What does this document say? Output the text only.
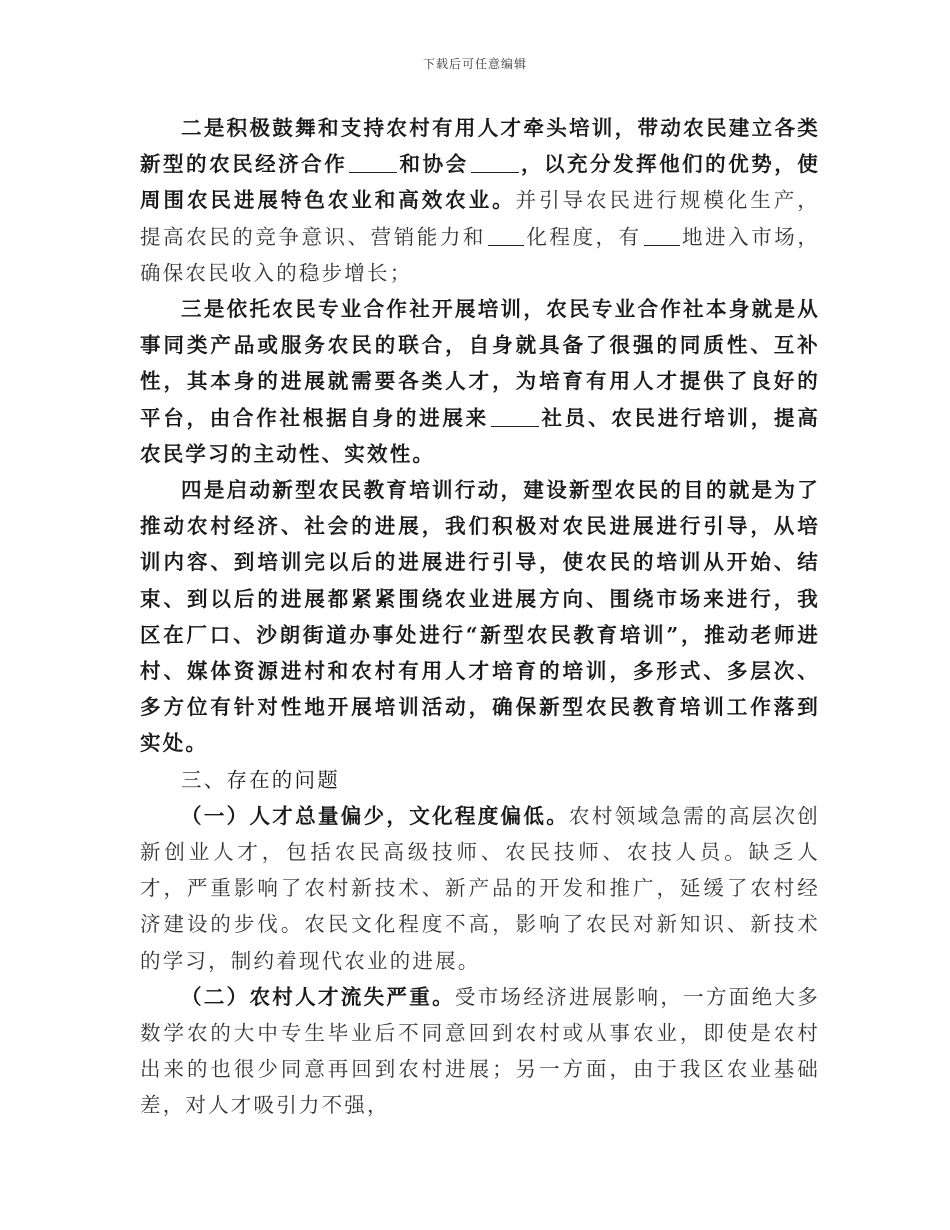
下载后可任意编辑

二是积极鼓舞和支持农村有用人才牵头培训，带动农民建立各类新型的农民经济合作	和协会	，以充分发挥他们的优势，使周围农民进展特色农业和高效农业。并引导农民进行规模化生产，提高农民的竞争意识、营销能力和 化程度，有 地进入市场，确保农民收入的稳步增长；

三是依托农民专业合作社开展培训，农民专业合作社本身就是从事同类产品或服务农民的联合，自身就具备了很强的同质性、互补性，其本身的进展就需要各类人才，为培育有用人才提供了良好的平台，由合作社根据自身的进展来	社员、农民进行培训，提高农民学习的主动性、实效性。

四是启动新型农民教育培训行动，建设新型农民的目的就是为了推动农村经济、社会的进展，我们积极对农民进展进行引导，从培训内容、到培训完以后的进展进行引导，使农民的培训从开始、结束、到以后的进展都紧紧围绕农业进展方向、围绕市场来进行，我区在厂口、沙朗街道办事处进行“新型农民教育培训”，推动老师进村、媒体资源进村和农村有用人才培育的培训，多形式、多层次、多方位有针对性地开展培训活动，确保新型农民教育培训工作落到实处。

三、存在的问题

（一）人才总量偏少，文化程度偏低。农村领域急需的高层次创新创业人才，包括农民高级技师、农民技师、农技人员。缺乏人才，严重影响了农村新技术、新产品的开发和推广，延缓了农村经济建设的步伐。农民文化程度不高，影响了农民对新知识、新技术的学习，制约着现代农业的进展。

（二）农村人才流失严重。受市场经济进展影响，一方面绝大多数学农的大中专生毕业后不同意回到农村或从事农业，即使是农村出来的也很少同意再回到农村进展；另一方面，由于我区农业基础差，对人才吸引力不强，
